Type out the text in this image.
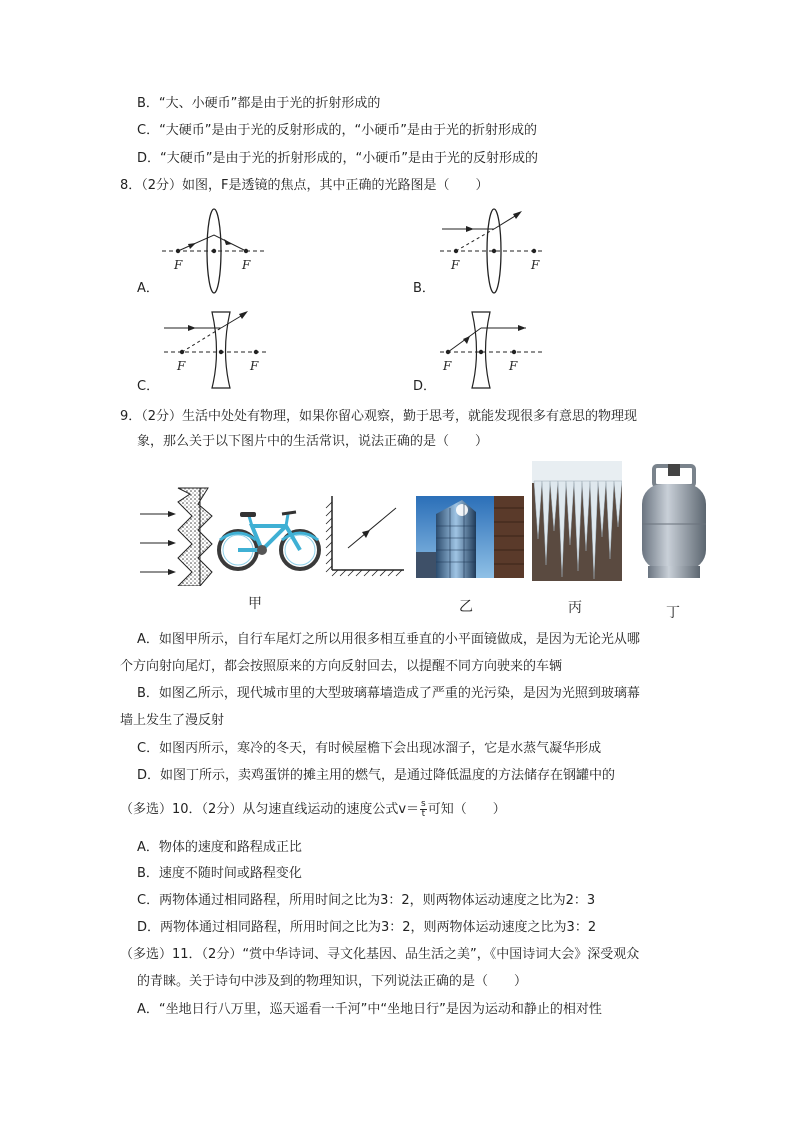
B．“大、小硬币”都是由于光的折射形成的
C．“大硬币”是由于光的反射形成的，“小硬币”是由于光的折射形成的
D．“大硬币”是由于光的折射形成的，“小硬币”是由于光的反射形成的
8．（2分）如图，F是透镜的焦点，其中正确的光路图是（　　）
A．
F	F
B．
F	F
C．
F	F
D．
F	F
9．（2分）生活中处处有物理，如果你留心观察，勤于思考，就能发现很多有意思的物理现
象，那么关于以下图片中的生活常识，说法正确的是（　　）
甲	乙	丙	丁
A．如图甲所示，自行车尾灯之所以用很多相互垂直的小平面镜做成，是因为无论光从哪
个方向射向尾灯，都会按照原来的方向反射回去，以提醒不同方向驶来的车辆
B．如图乙所示，现代城市里的大型玻璃幕墙造成了严重的光污染，是因为光照到玻璃幕
墙上发生了漫反射
C．如图丙所示，寒冷的冬天，有时候屋檐下会出现冰溜子，它是水蒸气凝华形成
D．如图丁所示，卖鸡蛋饼的摊主用的燃气，是通过降低温度的方法储存在钢罐中的
（多选）10．（2分）从匀速直线运动的速度公式$v= \frac{s}{t}$ 可知（　　）
A．物体的速度和路程成正比
B．速度不随时间或路程变化
C．两物体通过相同路程，所用时间之比为3：2，则两物体运动速度之比为2：3
D．两物体通过相同路程，所用时间之比为3：2，则两物体运动速度之比为3：2
（多选）11．（2分）“赏中华诗词、寻文化基因、品生活之美”，《中国诗词大会》深受观众
的青睐。关于诗句中涉及到的物理知识，下列说法正确的是（　　）
A．“坐地日行八万里，巡天遥看一千河”中“坐地日行”是因为运动和静止的相对性
